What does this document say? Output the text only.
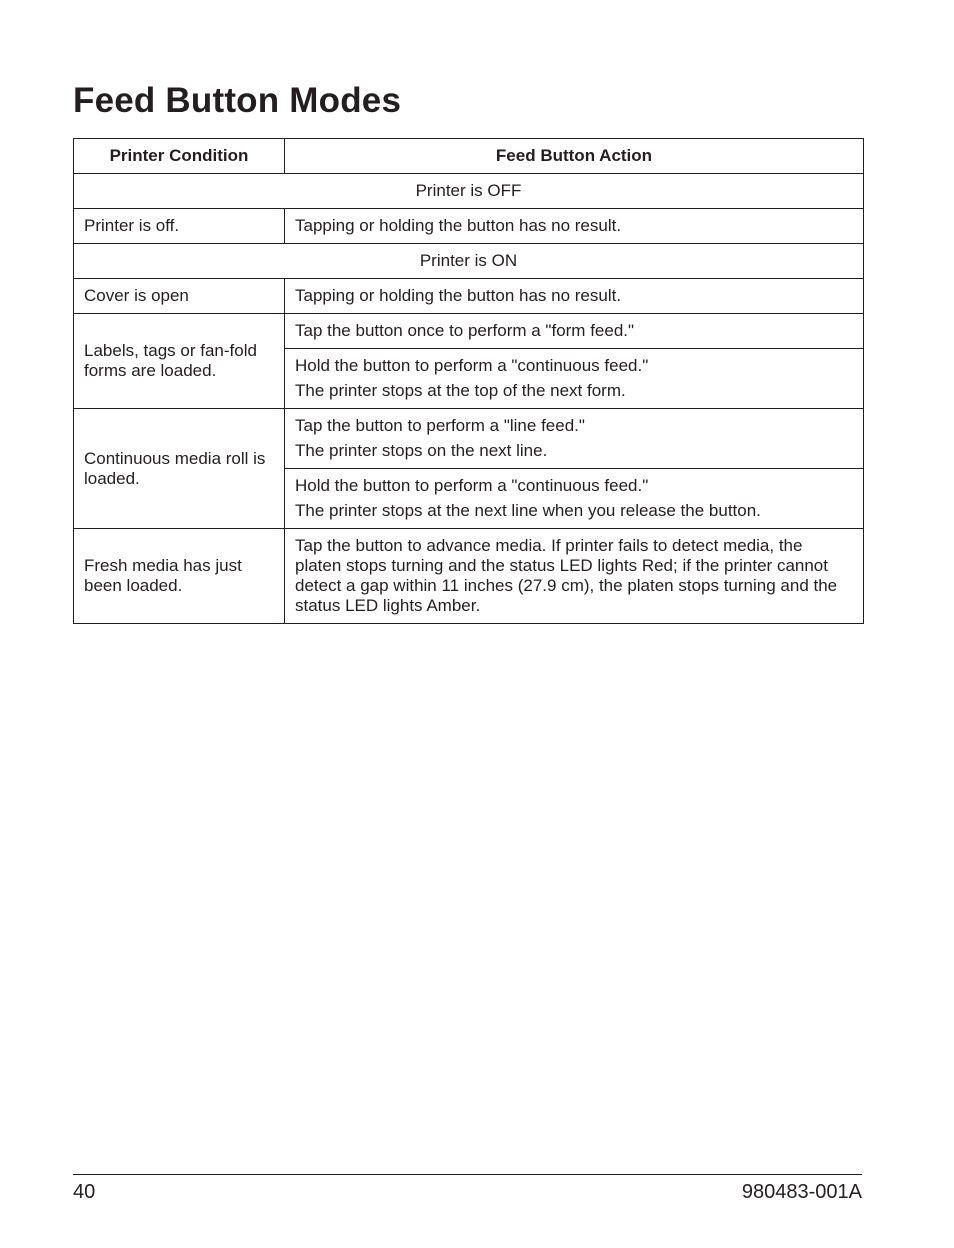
Feed Button Modes
Printer Condition	Feed Button Action
Printer is OFF	
Printer is off.	Tapping or holding the button has no result.

Printer is ON	
Cover is open	Tapping or holding the button has no result.

Labels, tags or fan-fold forms are loaded.	Tap the button once to perform a "form feed."

	Hold the button to perform a "continuous feed."
The printer stops at the top of the next form.

Continuous media roll is loaded.	Tap the button to perform a "line feed."
The printer stops on the next line.

	Hold the button to perform a "continuous feed."
The printer stops at the next line when you release the button.

Fresh media has just been loaded.	Tap the button to advance media. If printer fails to detect media, the platen stops turning and the status LED lights Red; if the printer cannot detect a gap within 11 inches (27.9 cm), the platen stops turning and the status LED lights Amber.
40	980483-001A
